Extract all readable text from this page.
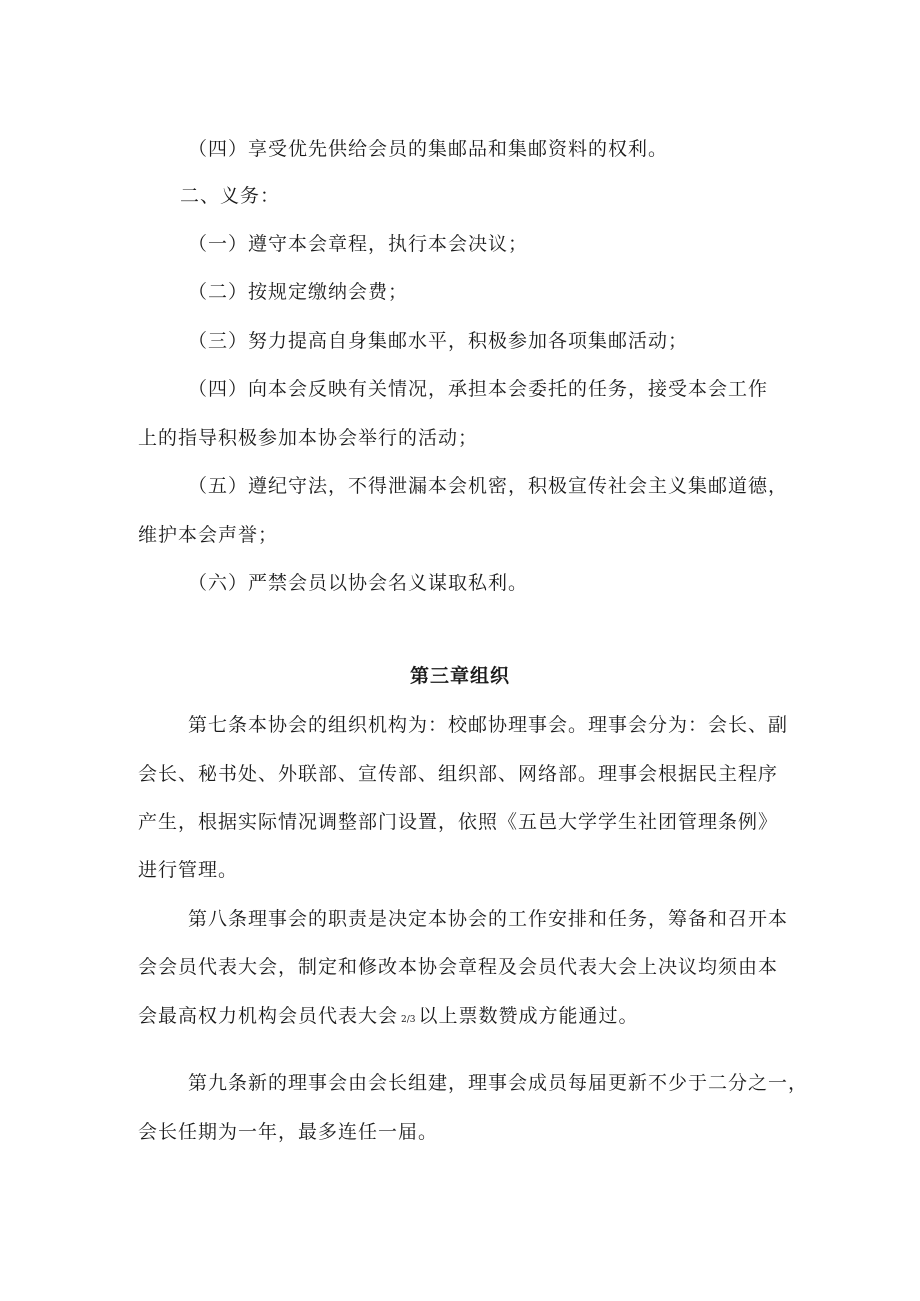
（四）享受优先供给会员的集邮品和集邮资料的权利。
二、义务：
（一）遵守本会章程，执行本会决议；
（二）按规定缴纳会费；
（三）努力提高自身集邮水平，积极参加各项集邮活动；
（四）向本会反映有关情况，承担本会委托的任务，接受本会工作
上的指导积极参加本协会举行的活动；
（五）遵纪守法，不得泄漏本会机密，积极宣传社会主义集邮道德，
维护本会声誉；
（六）严禁会员以协会名义谋取私利。
第三章组织
第七条本协会的组织机构为：校邮协理事会。理事会分为：会长、副
会长、秘书处、外联部、宣传部、组织部、网络部。理事会根据民主程序
产生，根据实际情况调整部门设置，依照《五邑大学学生社团管理条例》
进行管理。
第八条理事会的职责是决定本协会的工作安排和任务，筹备和召开本
会会员代表大会，制定和修改本协会章程及会员代表大会上决议均须由本
会最高权力机构会员代表大会 2/3 以上票数赞成方能通过。
第九条新的理事会由会长组建，理事会成员每届更新不少于二分之一，
会长任期为一年，最多连任一届。
